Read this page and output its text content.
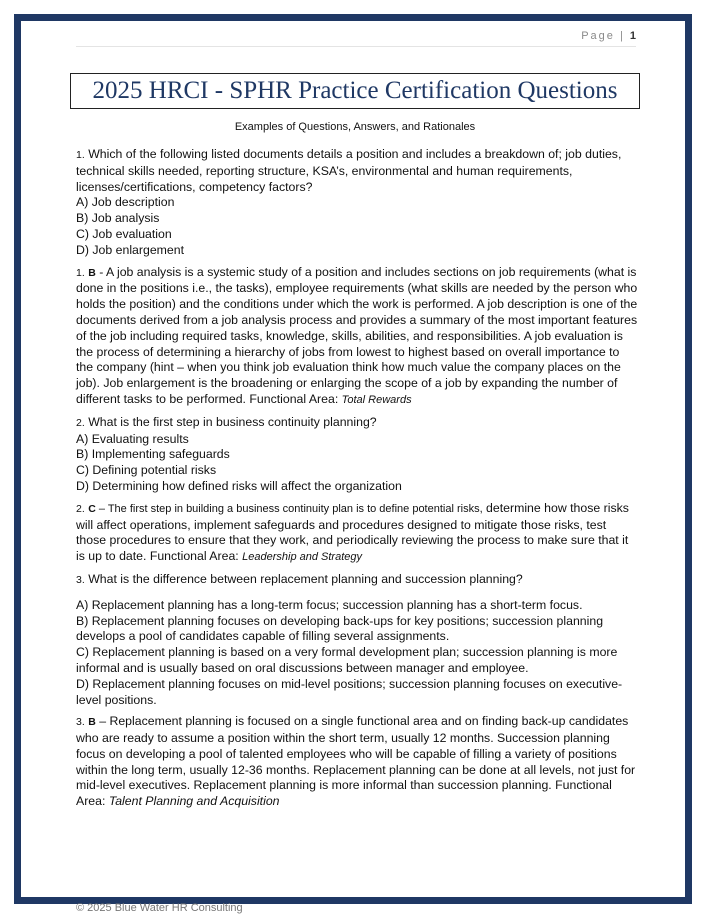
Page | 1
2025 HRCI - SPHR Practice Certification Questions
Examples of Questions, Answers, and Rationales

1. Which of the following listed documents details a position and includes a breakdown of; job duties, technical skills needed, reporting structure, KSA’s, environmental and human requirements, licenses/certifications, competency factors?
A) Job description
B) Job analysis
C) Job evaluation
D) Job enlargement

1. B - A job analysis is a systemic study of a position and includes sections on job requirements (what is done in the positions i.e., the tasks), employee requirements (what skills are needed by the person who holds the position) and the conditions under which the work is performed. A job description is one of the documents derived from a job analysis process and provides a summary of the most important features of the job including required tasks, knowledge, skills, abilities, and responsibilities. A job evaluation is the process of determining a hierarchy of jobs from lowest to highest based on overall importance to the company (hint – when you think job evaluation think how much value the company places on the job). Job enlargement is the broadening or enlarging the scope of a job by expanding the number of different tasks to be performed. Functional Area: Total Rewards

2. What is the first step in business continuity planning?
A) Evaluating results
B) Implementing safeguards
C) Defining potential risks
D) Determining how defined risks will affect the organization

2. C – The first step in building a business continuity plan is to define potential risks, determine how those risks will affect operations, implement safeguards and procedures designed to mitigate those risks, test those procedures to ensure that they work, and periodically reviewing the process to make sure that it is up to date. Functional Area: Leadership and Strategy

3. What is the difference between replacement planning and succession planning?

A) Replacement planning has a long-term focus; succession planning has a short-term focus.
B) Replacement planning focuses on developing back-ups for key positions; succession planning develops a pool of candidates capable of filling several assignments.
C) Replacement planning is based on a very formal development plan; succession planning is more informal and is usually based on oral discussions between manager and employee.
D) Replacement planning focuses on mid-level positions; succession planning focuses on executive-level positions.

3. B – Replacement planning is focused on a single functional area and on finding back-up candidates who are ready to assume a position within the short term, usually 12 months. Succession planning focus on developing a pool of talented employees who will be capable of filling a variety of positions within the long term, usually 12-36 months. Replacement planning can be done at all levels, not just for mid-level executives. Replacement planning is more informal than succession planning. Functional Area: Talent Planning and Acquisition

© 2025 Blue Water HR Consulting
